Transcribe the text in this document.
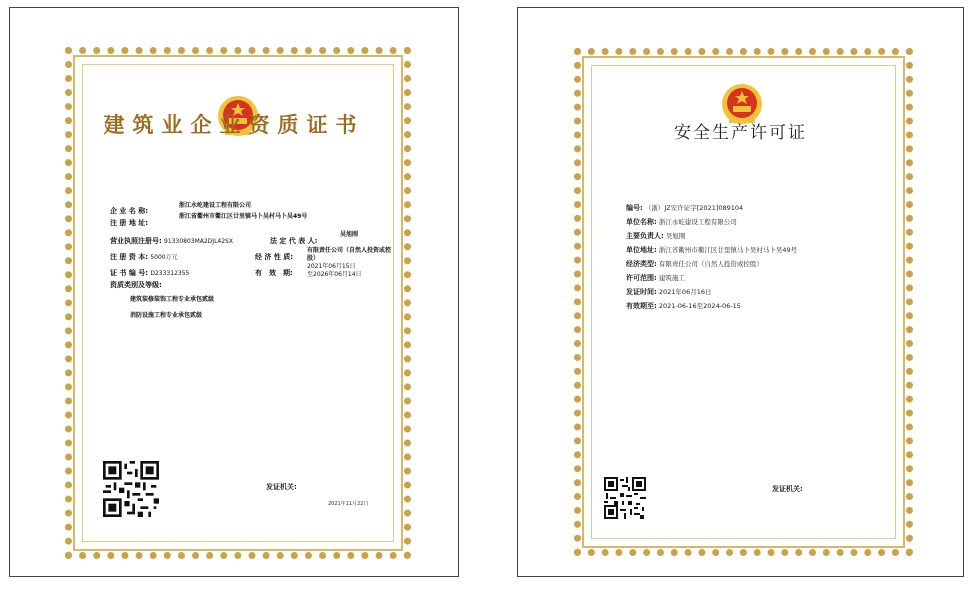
建筑业企业资质证书
企 业 名 称:
浙江永屹建设工程有限公司
注 册 地 址:
浙江省衢州市衢江区廿里镇马卜吴村马卜吴49号
营业执照注册号: 91330803MA2DJL42SX	法 定 代 表 人:
吴旭刚
注 册 资 本: 5000万元	经 济 性 质:
有限责任公司（自然人投资或控
股）
证 书 编 号: D233312355	有　效　期:
2021年06月15日
至2026年06月14日
资质类别及等级:
建筑装修装饰工程专业承包贰级
消防设施工程专业承包贰级
发证机关:
2021年11月22日
安全生产许可证
编号: （浙）JZ安许证字[2021]089104
单位名称: 浙江永屹建设工程有限公司
主要负责人: 吴旭刚
单位地址: 浙江省衢州市衢江区廿里镇马卜吴村马卜吴49号
经济类型: 有限责任公司（自然人投资或控股）
许可范围: 建筑施工
发证时间: 2021年06月16日
有效期至: 2021-06-16至2024-06-15
发证机关:
